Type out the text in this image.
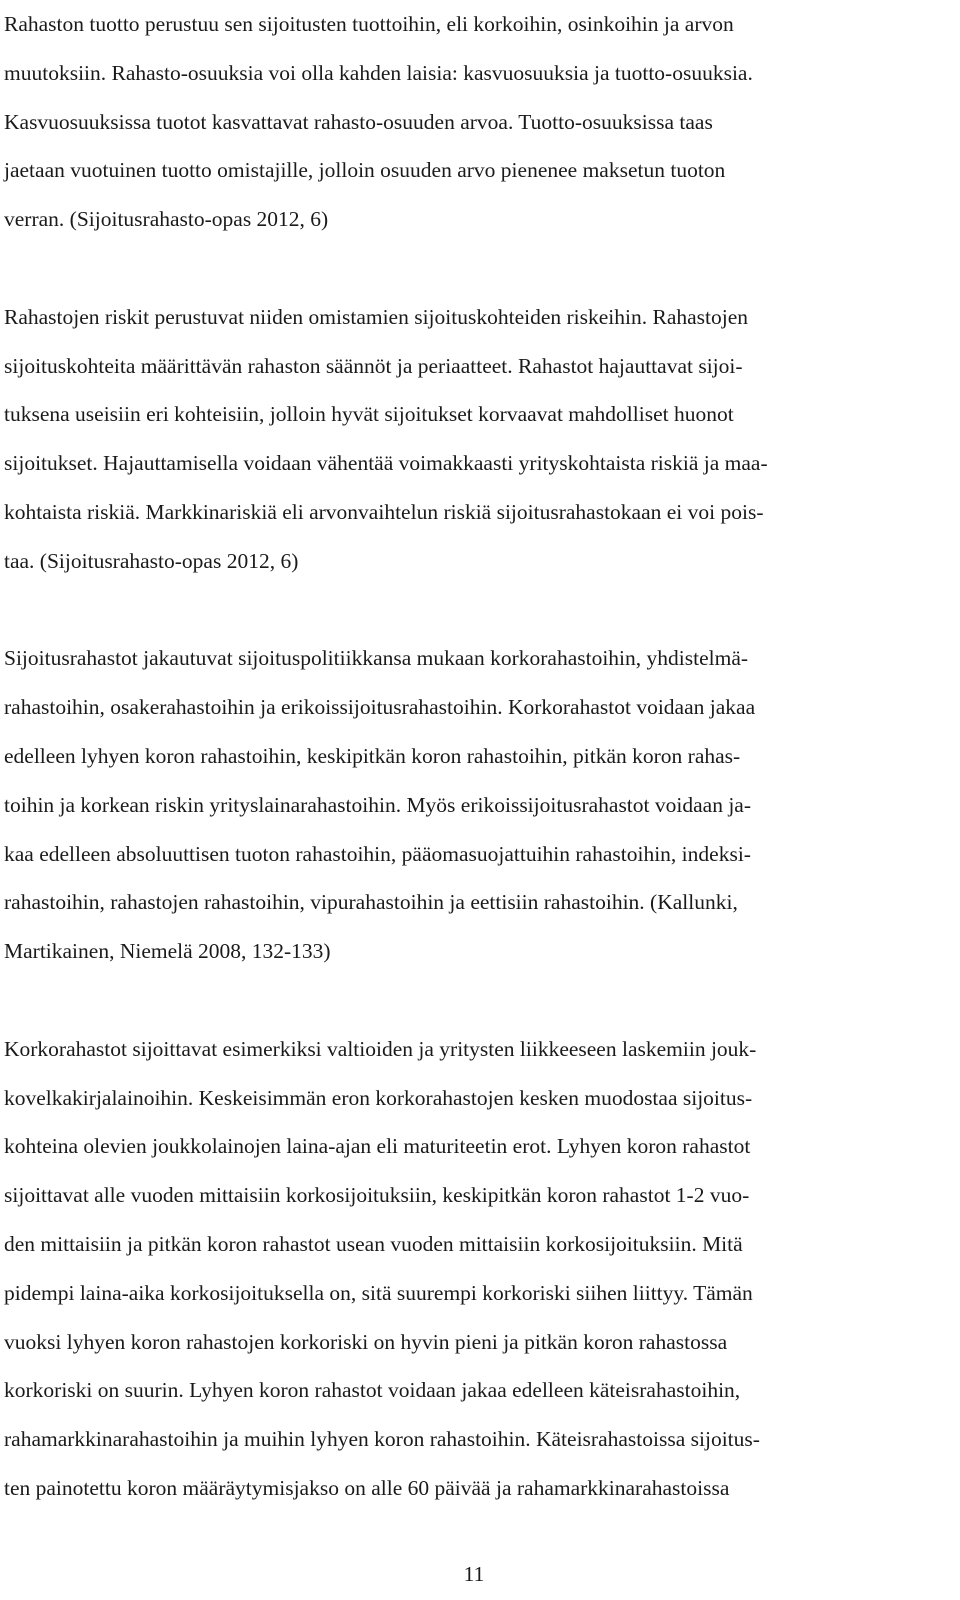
Rahaston tuotto perustuu sen sijoitusten tuottoihin, eli korkoihin, osinkoihin ja arvon
muutoksiin. Rahasto-osuuksia voi olla kahden laisia: kasvuosuuksia ja tuotto-osuuksia.
Kasvuosuuksissa tuotot kasvattavat rahasto-osuuden arvoa. Tuotto-osuuksissa taas
jaetaan vuotuinen tuotto omistajille, jolloin osuuden arvo pienenee maksetun tuoton
verran. (Sijoitusrahasto-opas 2012, 6)
Rahastojen riskit perustuvat niiden omistamien sijoituskohteiden riskeihin. Rahastojen
sijoituskohteita määrittävän rahaston säännöt ja periaatteet. Rahastot hajauttavat sijoi-
tuksena useisiin eri kohteisiin, jolloin hyvät sijoitukset korvaavat mahdolliset huonot
sijoitukset. Hajauttamisella voidaan vähentää voimakkaasti yrityskohtaista riskiä ja maa-
kohtaista riskiä. Markkinariskiä eli arvonvaihtelun riskiä sijoitusrahastokaan ei voi pois-
taa. (Sijoitusrahasto-opas 2012, 6)
Sijoitusrahastot jakautuvat sijoituspolitiikkansa mukaan korkorahastoihin, yhdistelmä-
rahastoihin, osakerahastoihin ja erikoissijoitusrahastoihin. Korkorahastot voidaan jakaa
edelleen lyhyen koron rahastoihin, keskipitkän koron rahastoihin, pitkän koron rahas-
toihin ja korkean riskin yrityslainarahastoihin. Myös erikoissijoitusrahastot voidaan ja-
kaa edelleen absoluuttisen tuoton rahastoihin, pääomasuojattuihin rahastoihin, indeksi-
rahastoihin, rahastojen rahastoihin, vipurahastoihin ja eettisiin rahastoihin. (Kallunki,
Martikainen, Niemelä 2008, 132-133)
Korkorahastot sijoittavat esimerkiksi valtioiden ja yritysten liikkeeseen laskemiin jouk-
kovelkakirjalainoihin. Keskeisimmän eron korkorahastojen kesken muodostaa sijoitus-
kohteina olevien joukkolainojen laina-ajan eli maturiteetin erot. Lyhyen koron rahastot
sijoittavat alle vuoden mittaisiin korkosijoituksiin, keskipitkän koron rahastot 1-2 vuo-
den mittaisiin ja pitkän koron rahastot usean vuoden mittaisiin korkosijoituksiin. Mitä
pidempi laina-aika korkosijoituksella on, sitä suurempi korkoriski siihen liittyy. Tämän
vuoksi lyhyen koron rahastojen korkoriski on hyvin pieni ja pitkän koron rahastossa
korkoriski on suurin. Lyhyen koron rahastot voidaan jakaa edelleen käteisrahastoihin,
rahamarkkinarahastoihin ja muihin lyhyen koron rahastoihin. Käteisrahastoissa sijoitus-
ten painotettu koron määräytymisjakso on alle 60 päivää ja rahamarkkinarahastoissa
11
